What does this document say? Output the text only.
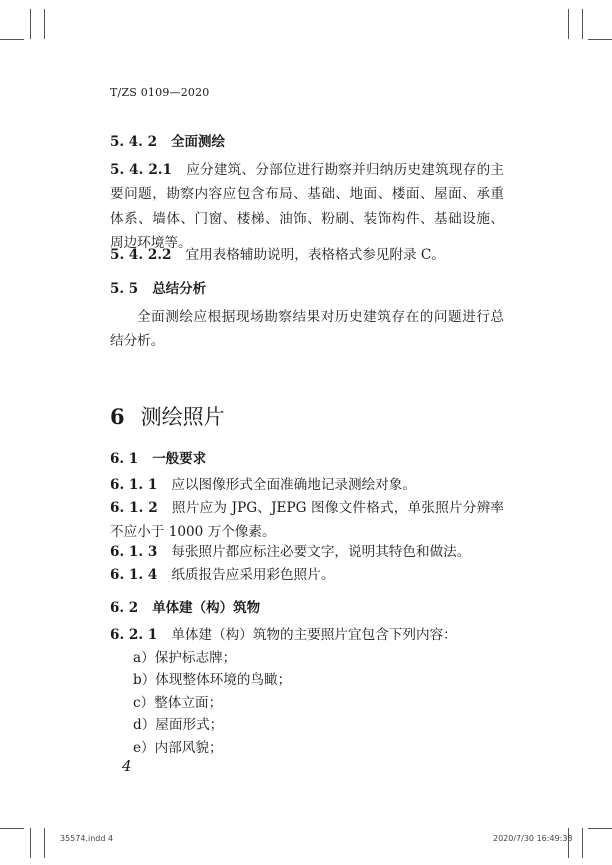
T/ZS 0109—2020
5. 4. 2 全面测绘
5. 4. 2.1 应分建筑、分部位进行勘察并归纳历史建筑现存的主要问题，勘察内容应包含布局、基础、地面、楼面、屋面、承重体系、墙体、门窗、楼梯、油饰、粉刷、装饰构件、基础设施、周边环境等。
5. 4. 2.2 宜用表格辅助说明，表格格式参见附录 C。
5. 5 总结分析
全面测绘应根据现场勘察结果对历史建筑存在的问题进行总结分析。
6 测绘照片
6. 1 一般要求
6. 1. 1 应以图像形式全面准确地记录测绘对象。
6. 1. 2 照片应为 JPG、JEPG 图像文件格式，单张照片分辨率不应小于 1000 万个像素。
6. 1. 3 每张照片都应标注必要文字，说明其特色和做法。
6. 1. 4 纸质报告应采用彩色照片。
6. 2 单体建（构）筑物
6. 2. 1 单体建（构）筑物的主要照片宜包含下列内容：
a）保护标志牌；
b）体现整体环境的鸟瞰；
c）整体立面；
d）屋面形式；
e）内部风貌；
4
35574.indd 4	2020/7/30 16:49:38
